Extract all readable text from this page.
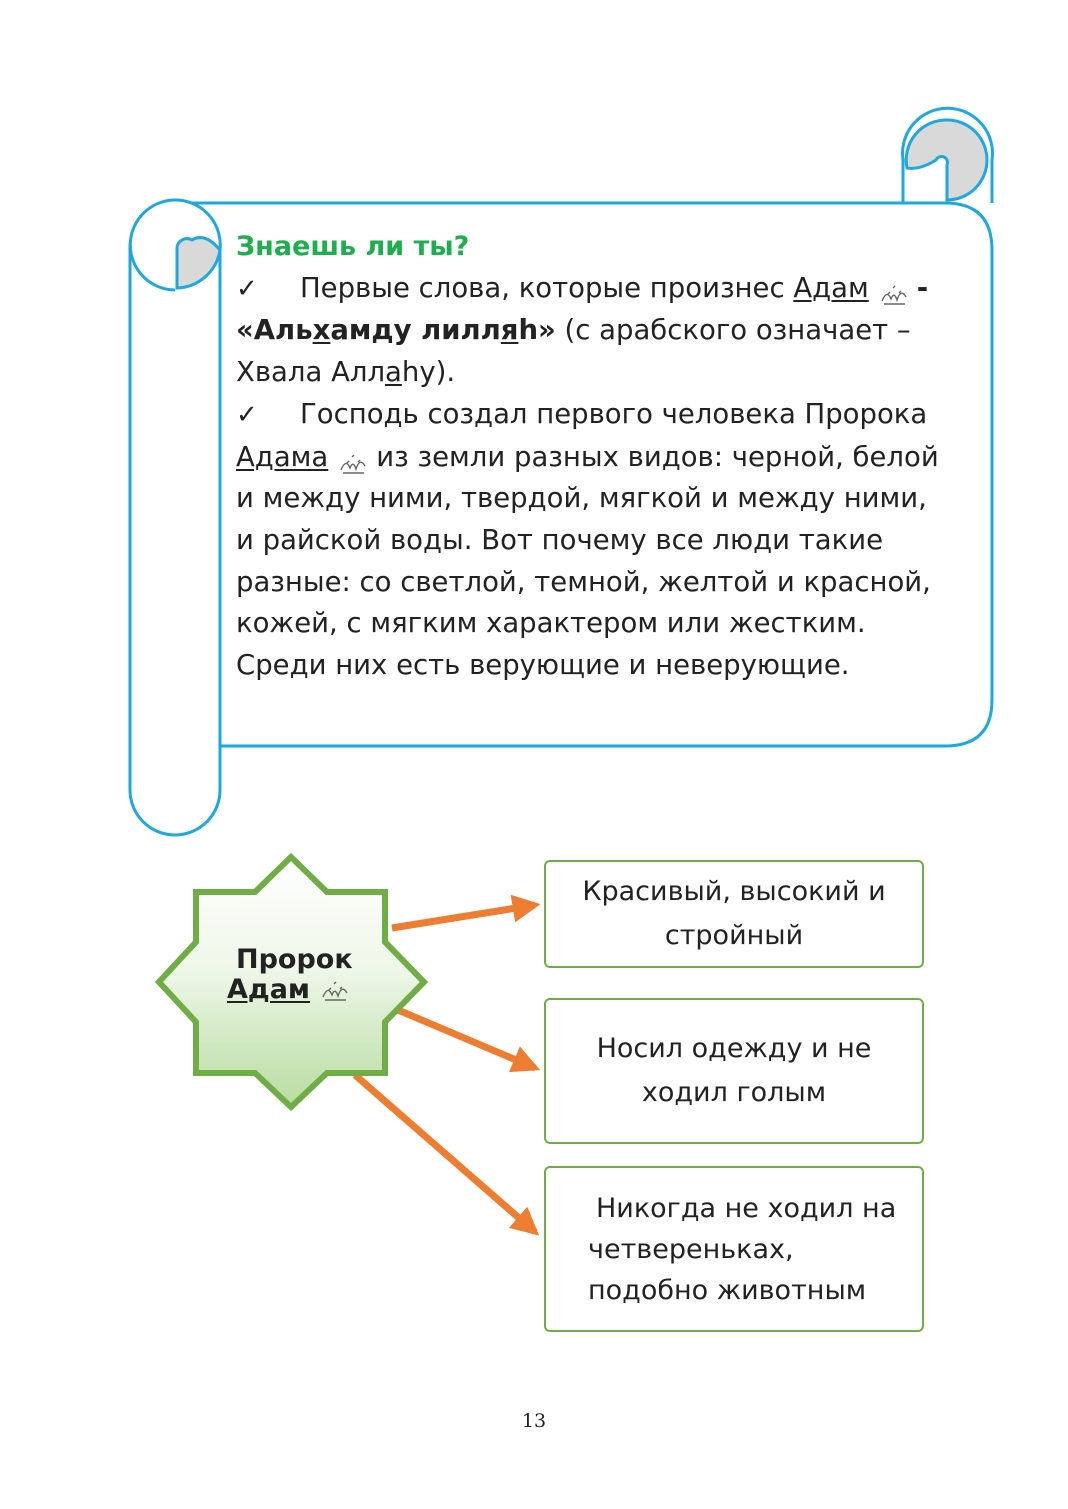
Знаешь ли ты?
✓ Первые слова, которые произнес Адам -
«Альхамду лилляh» (с арабского означает – Хвала Аллаhу).
✓ Господь создал первого человека Пророка Адама из земли разных видов: черной, белой и между ними, твердой, мягкой и между ними, и райской воды. Вот почему все люди такие разные: со светлой, темной, желтой и красной, кожей, с мягким характером или жестким. Среди них есть верующие и неверующие.
Пророк
Адам
Красивый, высокий и
стройный
Носил одежду и не
ходил голым
Никогда не ходил на
четвереньках,
подобно животным
13
